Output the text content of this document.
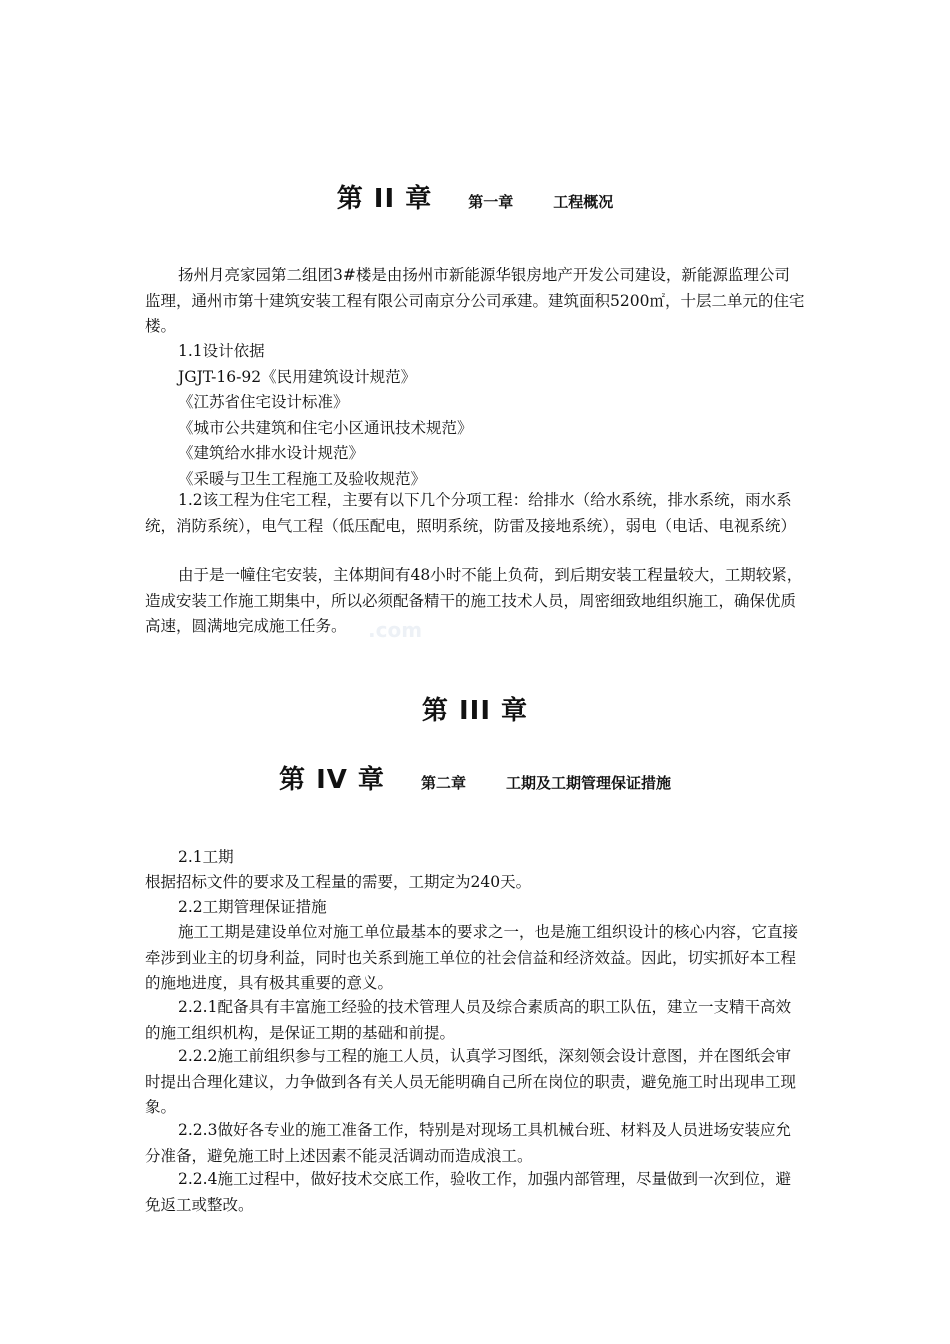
第 II 章 第一章	工程概况

扬州月亮家园第二组团3#楼是由扬州市新能源华银房地产开发公司建设，新能源监理公司监理，通州市第十建筑安装工程有限公司南京分公司承建。建筑面积5200㎡，十层二单元的住宅楼。

1.1设计依据
JGJT-16-92《民用建筑设计规范》
《江苏省住宅设计标准》
《城市公共建筑和住宅小区通讯技术规范》
《建筑给水排水设计规范》
《采暖与卫生工程施工及验收规范》

1.2该工程为住宅工程，主要有以下几个分项工程：给排水（给水系统，排水系统，雨水系统，消防系统），电气工程（低压配电，照明系统，防雷及接地系统），弱电（电话、电视系统）

由于是一幢住宅安装，主体期间有48小时不能上负荷，到后期安装工程量较大，工期较紧，造成安装工作施工期集中，所以必须配备精干的施工技术人员，周密细致地组织施工，确保优质高速，圆满地完成施工任务。	.com
第 III 章
第 IV 章 第二章	工期及工期管理保证措施
2.1工期
根据招标文件的要求及工程量的需要，工期定为240天。
2.2工期管理保证措施

施工工期是建设单位对施工单位最基本的要求之一，也是施工组织设计的核心内容，它直接牵涉到业主的切身利益，同时也关系到施工单位的社会信益和经济效益。因此，切实抓好本工程的施地进度，具有极其重要的意义。

2.2.1配备具有丰富施工经验的技术管理人员及综合素质高的职工队伍，建立一支精干高效的施工组织机构，是保证工期的基础和前提。

2.2.2施工前组织参与工程的施工人员，认真学习图纸，深刻领会设计意图，并在图纸会审时提出合理化建议，力争做到各有关人员无能明确自己所在岗位的职责，避免施工时出现串工现象。

2.2.3做好各专业的施工准备工作，特别是对现场工具机械台班、材料及人员进场安装应允分准备，避免施工时上述因素不能灵活调动而造成浪工。

2.2.4施工过程中，做好技术交底工作，验收工作，加强内部管理，尽量做到一次到位，避免返工或整改。
